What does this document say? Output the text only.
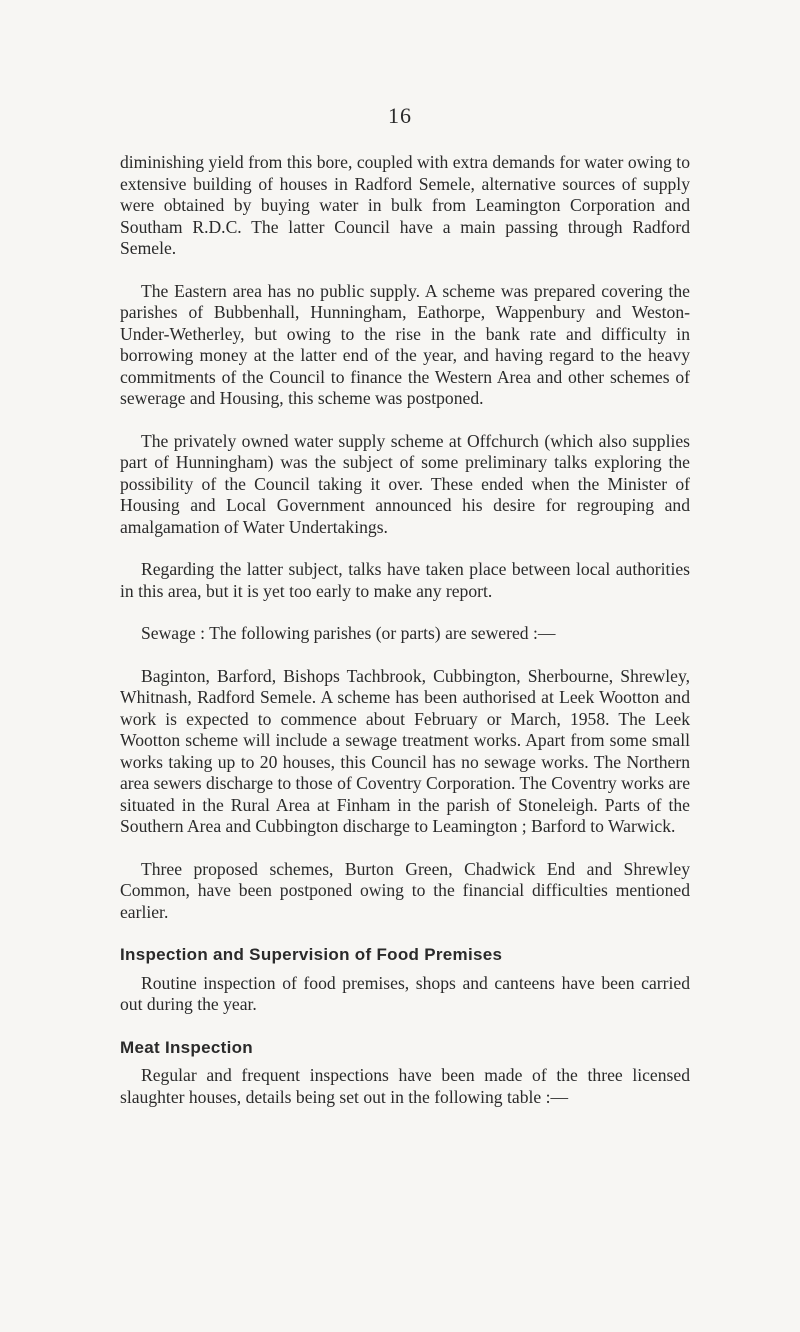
16

diminishing yield from this bore, coupled with extra demands for water owing to extensive building of houses in Radford Semele, alternative sources of supply were obtained by buying water in bulk from Leamington Corporation and Southam R.D.C. The latter Council have a main passing through Radford Semele.

The Eastern area has no public supply. A scheme was prepared covering the parishes of Bubbenhall, Hunningham, Eathorpe, Wappenbury and Weston-Under-Wetherley, but owing to the rise in the bank rate and difficulty in borrowing money at the latter end of the year, and having regard to the heavy commitments of the Council to finance the Western Area and other schemes of sewerage and Housing, this scheme was postponed.

The privately owned water supply scheme at Offchurch (which also supplies part of Hunningham) was the subject of some preliminary talks exploring the possibility of the Council taking it over. These ended when the Minister of Housing and Local Government announced his desire for regrouping and amalgamation of Water Undertakings.

Regarding the latter subject, talks have taken place between local authorities in this area, but it is yet too early to make any report.

Sewage : The following parishes (or parts) are sewered :—

Baginton, Barford, Bishops Tachbrook, Cubbington, Sherbourne, Shrewley, Whitnash, Radford Semele. A scheme has been authorised at Leek Wootton and work is expected to commence about February or March, 1958. The Leek Wootton scheme will include a sewage treatment works. Apart from some small works taking up to 20 houses, this Council has no sewage works. The Northern area sewers discharge to those of Coventry Corporation. The Coventry works are situated in the Rural Area at Finham in the parish of Stoneleigh. Parts of the Southern Area and Cubbington discharge to Leamington ; Barford to Warwick.

Three proposed schemes, Burton Green, Chadwick End and Shrewley Common, have been postponed owing to the financial difficulties mentioned earlier.

Inspection and Supervision of Food Premises

Routine inspection of food premises, shops and canteens have been carried out during the year.

Meat Inspection

Regular and frequent inspections have been made of the three licensed slaughter houses, details being set out in the following table :—
